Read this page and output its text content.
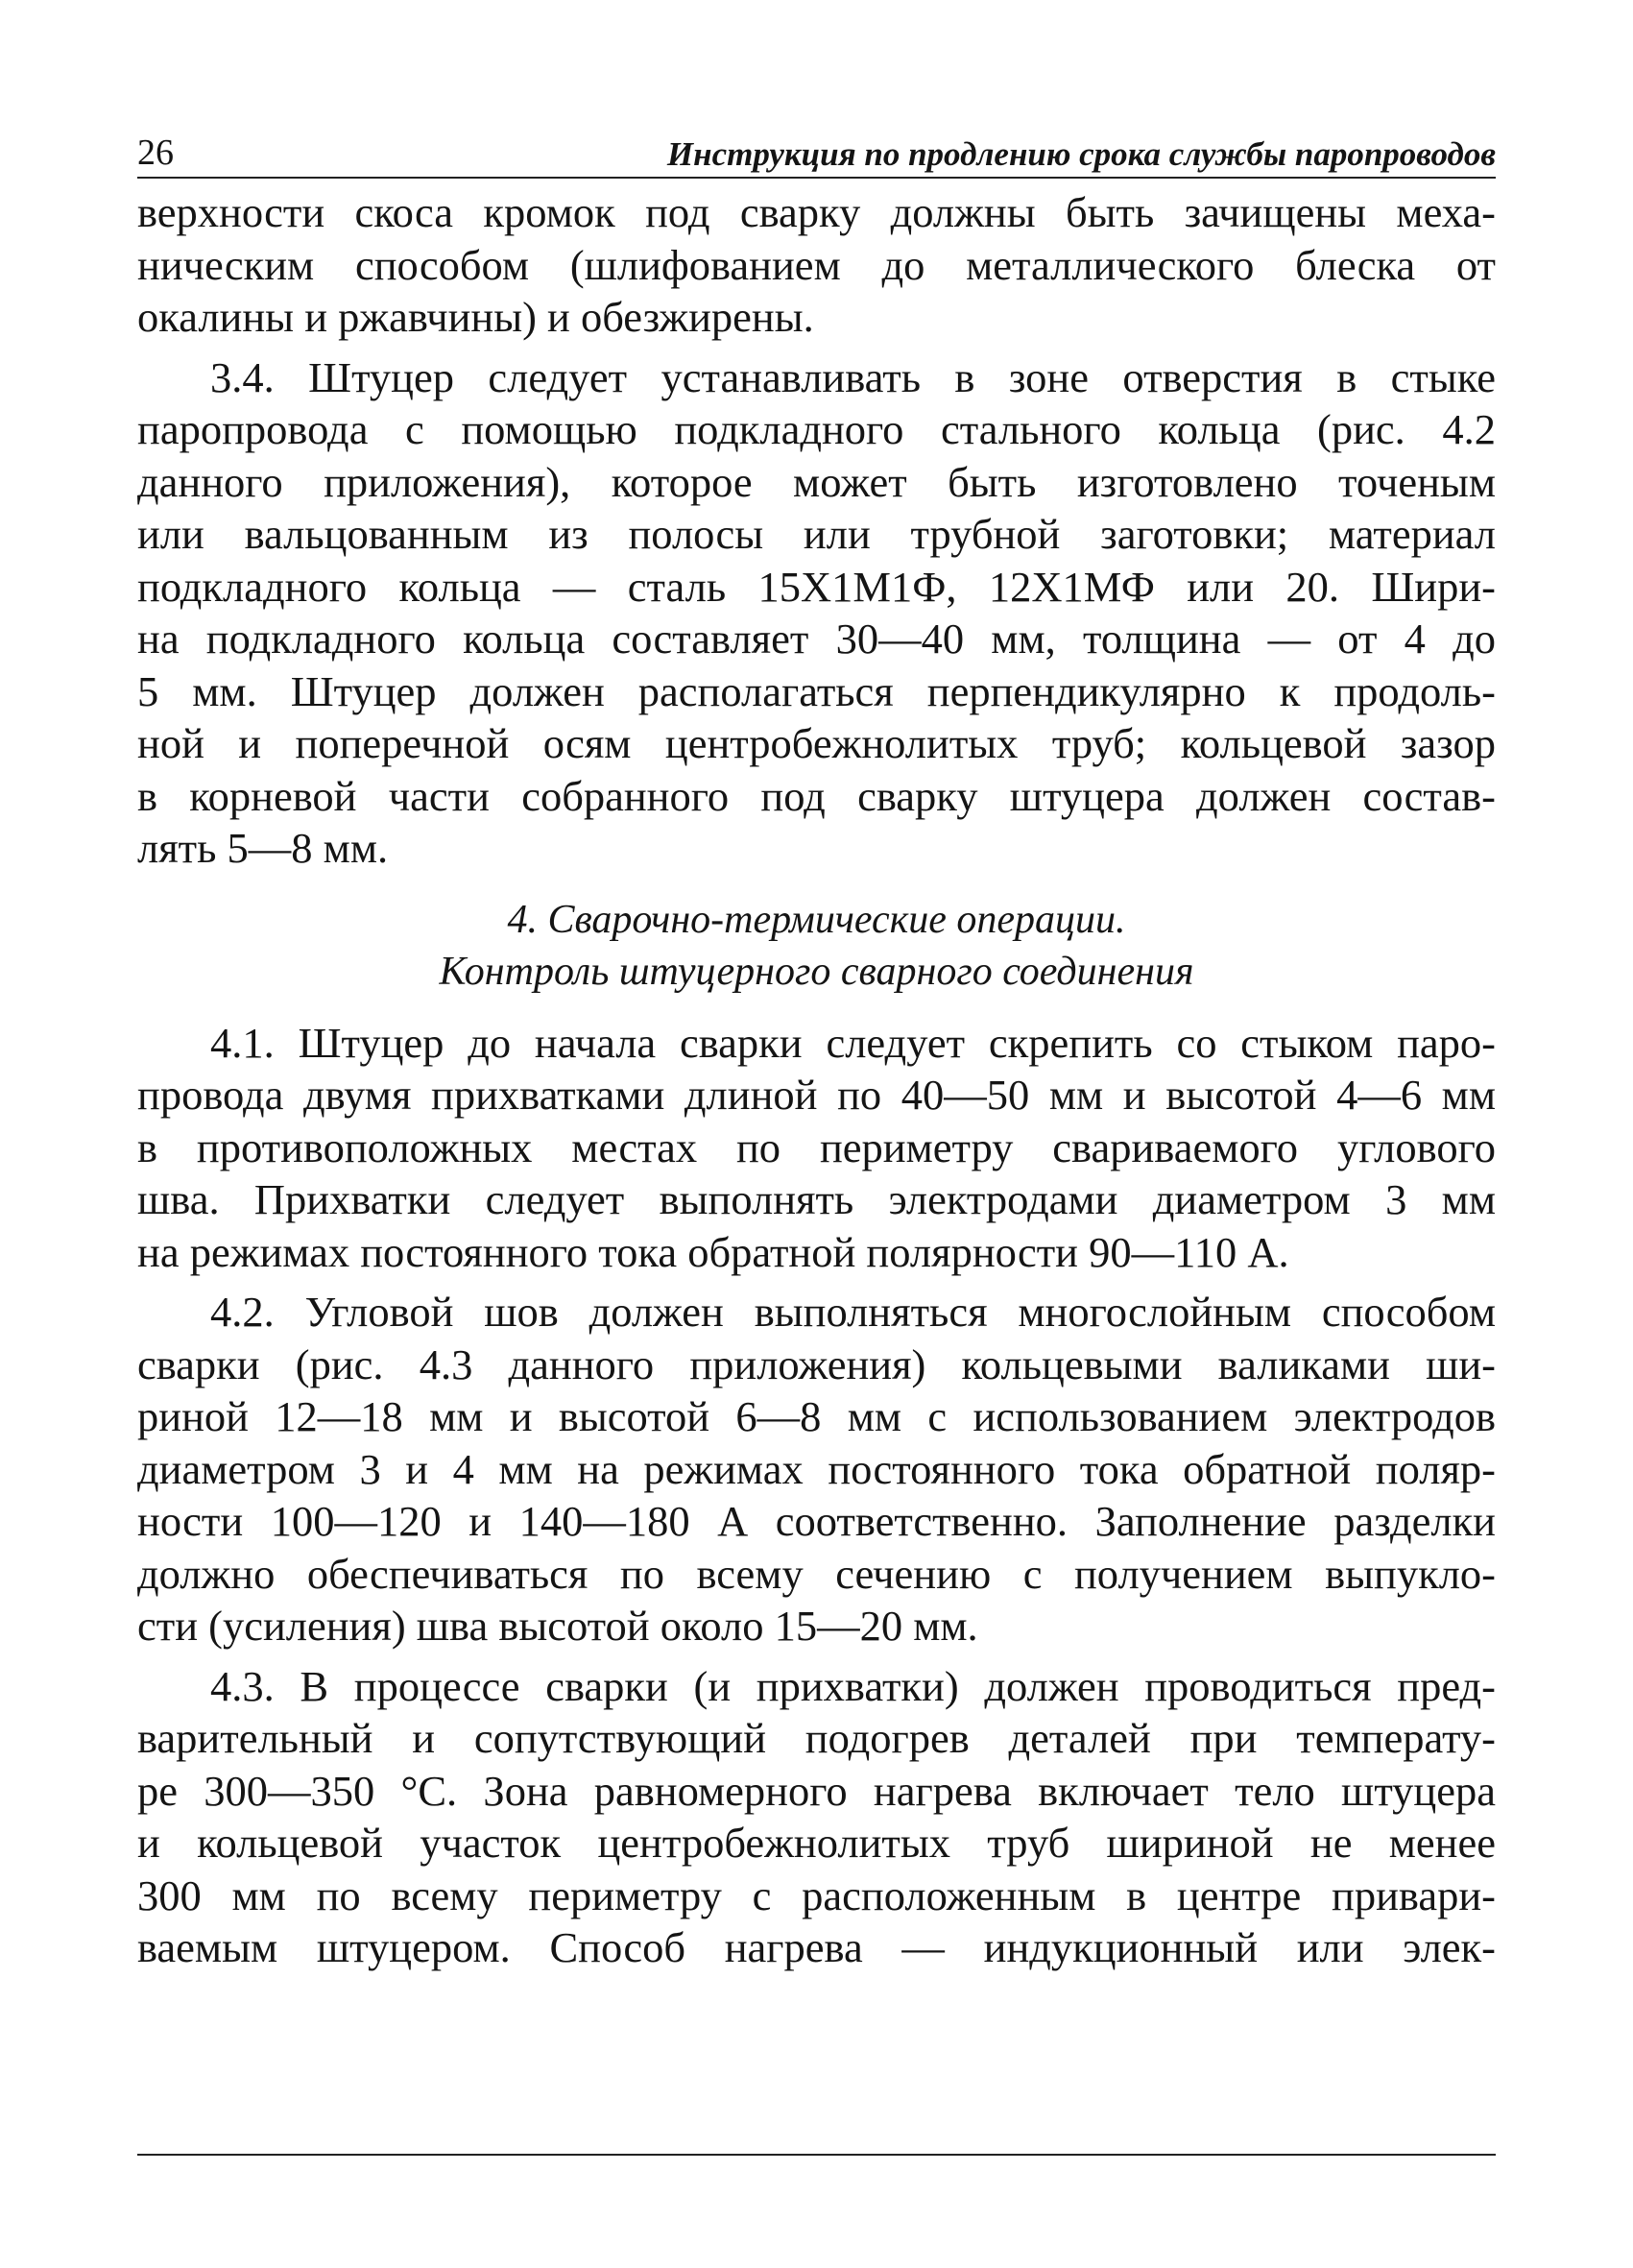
26	Инструкция по продлению срока службы паропроводов
верхности скоса кромок под сварку должны быть зачищены меха-
ническим способом (шлифованием до металлического блеска от
окалины и ржавчины) и обезжирены.
3.4. Штуцер следует устанавливать в зоне отверстия в стыке
паропровода с помощью подкладного стального кольца (рис. 4.2
данного приложения), которое может быть изготовлено точеным
или вальцованным из полосы или трубной заготовки; материал
подкладного кольца — сталь 15Х1М1Ф, 12Х1МФ или 20. Шири-
на подкладного кольца составляет 30—40 мм, толщина — от 4 до
5 мм. Штуцер должен располагаться перпендикулярно к продоль-
ной и поперечной осям центробежнолитых труб; кольцевой зазор
в корневой части собранного под сварку штуцера должен состав-
лять 5—8 мм.
4. Сварочно-термические операции.
Контроль штуцерного сварного соединения
4.1. Штуцер до начала сварки следует скрепить со стыком паро-
провода двумя прихватками длиной по 40—50 мм и высотой 4—6 мм
в противоположных местах по периметру свариваемого углового
шва. Прихватки следует выполнять электродами диаметром 3 мм
на режимах постоянного тока обратной полярности 90—110 А.
4.2. Угловой шов должен выполняться многослойным способом
сварки (рис. 4.3 данного приложения) кольцевыми валиками ши-
риной 12—18 мм и высотой 6—8 мм с использованием электродов
диаметром 3 и 4 мм на режимах постоянного тока обратной поляр-
ности 100—120 и 140—180 А соответственно. Заполнение разделки
должно обеспечиваться по всему сечению с получением выпукло-
сти (усиления) шва высотой около 15—20 мм.
4.3. В процессе сварки (и прихватки) должен проводиться пред-
варительный и сопутствующий подогрев деталей при температу-
ре 300—350 °С. Зона равномерного нагрева включает тело штуцера
и кольцевой участок центробежнолитых труб шириной не менее
300 мм по всему периметру с расположенным в центре привари-
ваемым штуцером. Способ нагрева — индукционный или элек-
